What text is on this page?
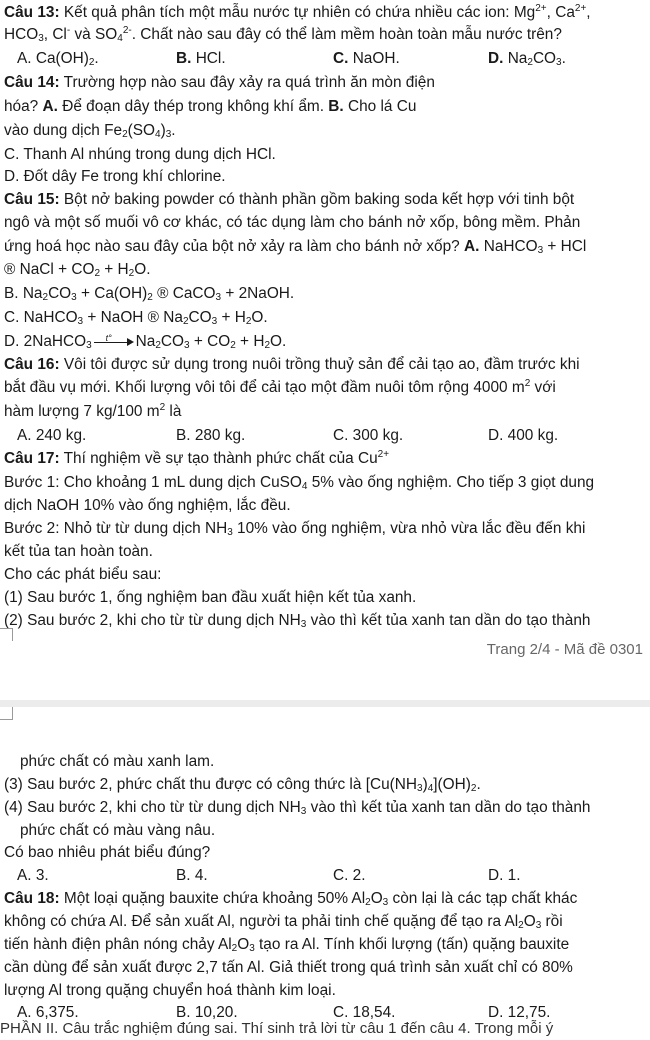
Câu 13: Kết quả phân tích một mẫu nước tự nhiên có chứa nhiều các ion: $Mg^{2+}$, $Ca^{2+}$,
$HCO_3$, Cl- và $SO_4^{2-}$. Chất nào sau đây có thể làm mềm hoàn toàn mẫu nước trên?
A. $Ca(OH)_2$.	B. HCl.	C. NaOH.	D. $Na_2CO_3$.
Câu 14: Trường hợp nào sau đây xảy ra quá trình ăn mòn điện
hóa? A. Để đoạn dây thép trong không khí ẩm. B. Cho lá Cu
vào dung dịch $Fe_2(SO_4)_3$.
C. Thanh Al nhúng trong dung dịch HCl.
D. Đốt dây Fe trong khí chlorine.
Câu 15: Bột nở baking powder có thành phần gồm baking soda kết hợp với tinh bột
ngô và một số muối vô cơ khác, có tác dụng làm cho bánh nở xốp, bông mềm. Phản
ứng hoá học nào sau đây của bột nở xảy ra làm cho bánh nở xốp? A. NaHCO$_3$ + HCl
® NaCl + $CO_2 + H_2O$.
B. $Na_2CO_3 + Ca(OH)_2$ ® CaCO$_3$ + 2NaOH.
C. NaHCO$_3$ + NaOH ® $Na_2CO_3 + H_2O$.
D. 2NaHCO$_3$
t° $Na_2CO_3 + CO_2 + H_2O$.
Câu 16: Vôi tôi được sử dụng trong nuôi trồng thuỷ sản để cải tạo ao, đầm trước khi
bắt đầu vụ mới. Khối lượng vôi tôi để cải tạo một đầm nuôi tôm rộng 4000 $m^2$ với
hàm lượng 7 kg/100 $m^2$ là
A. 240 kg.	B. 280 kg.	C. 300 kg.	D. 400 kg.
Câu 17: Thí nghiệm về sự tạo thành phức chất của $Cu^{2+}$
Bước 1: Cho khoảng 1 mL dung dịch CuSO$_4$ 5% vào ống nghiệm. Cho tiếp 3 giọt dung
dịch NaOH 10% vào ống nghiệm, lắc đều.
Bước 2: Nhỏ từ từ dung dịch $NH_3$ 10% vào ống nghiệm, vừa nhỏ vừa lắc đều đến khi
kết tủa tan hoàn toàn.
Cho các phát biểu sau:
(1) Sau bước 1, ống nghiệm ban đầu xuất hiện kết tủa xanh.
(2) Sau bước 2, khi cho từ từ dung dịch $NH_3$ vào thì kết tủa xanh tan dần do tạo thành
Trang 2/4 - Mã đề 0301
phức chất có màu xanh lam.
(3) Sau bước 2, phức chất thu được có công thức là $[Cu(NH_3)_4](OH)_2$.
(4) Sau bước 2, khi cho từ từ dung dịch $NH_3$ vào thì kết tủa xanh tan dần do tạo thành
phức chất có màu vàng nâu.
Có bao nhiêu phát biểu đúng?
A. 3.	B. 4.	C. 2.	D. 1.
Câu 18: Một loại quặng bauxite chứa khoảng 50% $Al_2O_3$ còn lại là các tạp chất khác
không có chứa Al. Để sản xuất Al, người ta phải tinh chế quặng để tạo ra $Al_2O_3$ rồi
tiến hành điện phân nóng chảy $Al_2O_3$ tạo ra Al. Tính khối lượng (tấn) quặng bauxite
cần dùng để sản xuất được 2,7 tấn Al. Giả thiết trong quá trình sản xuất chỉ có 80%
lượng Al trong quặng chuyển hoá thành kim loại.
A. 6,375.	B. 10,20.	C. 18,54.	D. 12,75.
PHẦN II. Câu trắc nghiệm đúng sai. Thí sinh trả lời từ câu 1 đến câu 4. Trong mỗi ý
